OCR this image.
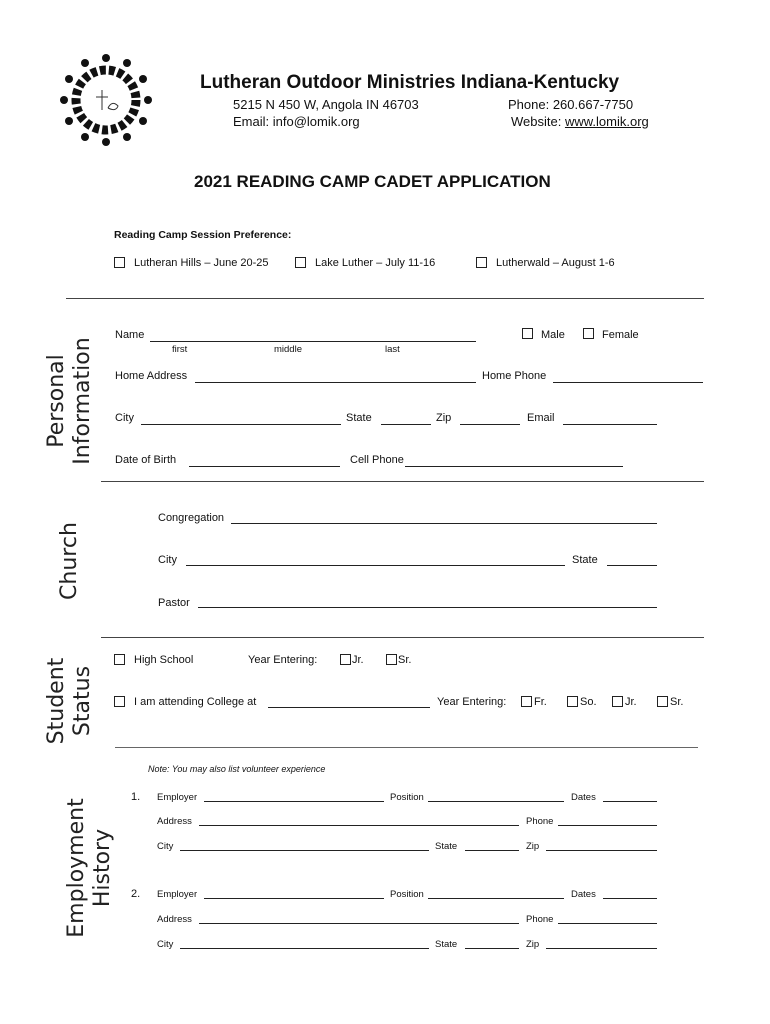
Lutheran Outdoor Ministries Indiana-Kentucky
5215 N 450 W, Angola IN 46703
Email: info@lomik.org
Phone: 260.667-7750
Website: www.lomik.org
2021 READING CAMP CADET APPLICATION
Reading Camp Session Preference:
Lutheran Hills – June 20-25	Lake Luther – July 11-16	Lutherwald – August 1-6
Personal Information
Name
first	middle	last
Male	Female
Home Address	Home Phone
City	State	Zip	Email
Date of Birth	Cell Phone
Church
Congregation
City	State
Pastor
Student Status
High School	Year Entering:	Jr.	Sr.
I am attending College at	Year Entering:	Fr.	So.	Jr.	Sr.
Employment History
Note: You may also list volunteer experience
1. Employer	Position	Dates
Address	Phone
City	State	Zip
2. Employer	Position	Dates
Address	Phone
City	State	Zip
